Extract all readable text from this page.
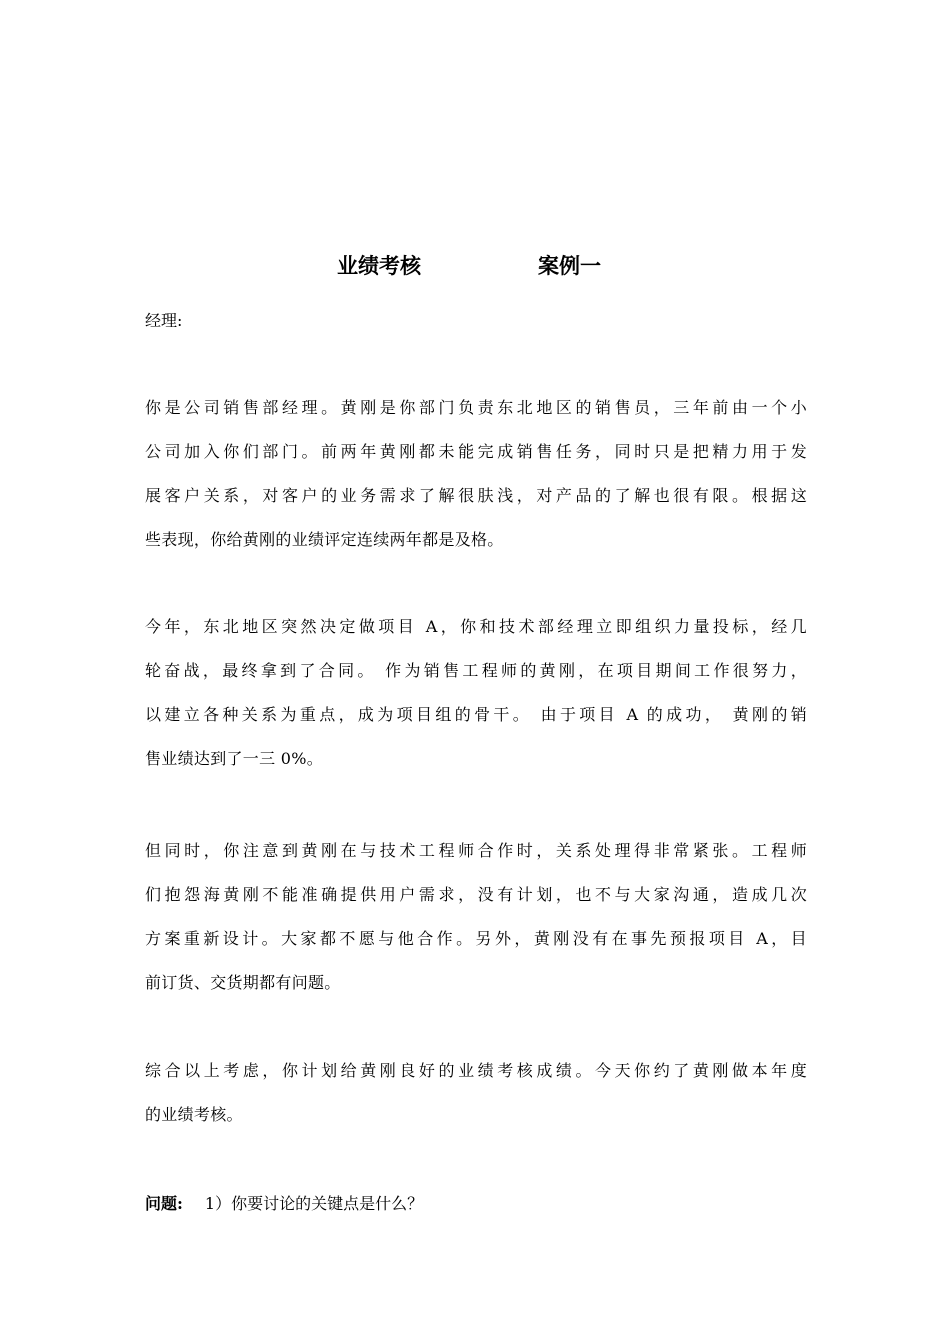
业绩考核	案例一
经理:
你是公司销售部经理。黄刚是你部门负责东北地区的销售员，三年前由一个小
公司加入你们部门。前两年黄刚都未能完成销售任务，同时只是把精力用于发
展客户关系，对客户的业务需求了解很肤浅，对产品的了解也很有限。根据这
些表现，你给黄刚的业绩评定连续两年都是及格。
今年，东北地区突然决定做项目 A，你和技术部经理立即组织力量投标，经几
轮奋战，最终拿到了合同。 作为销售工程师的黄刚，在项目期间工作很努力，
以建立各种关系为重点，成为项目组的骨干。 由于项目 A 的成功， 黄刚的销
售业绩达到了一三 0%。
但同时，你注意到黄刚在与技术工程师合作时，关系处理得非常紧张。工程师
们抱怨海黄刚不能准确提供用户需求，没有计划，也不与大家沟通，造成几次
方案重新设计。大家都不愿与他合作。另外，黄刚没有在事先预报项目 A，目
前订货、交货期都有问题。
综合以上考虑，你计划给黄刚良好的业绩考核成绩。今天你约了黄刚做本年度
的业绩考核。
问题: 1）你要讨论的关键点是什么？
